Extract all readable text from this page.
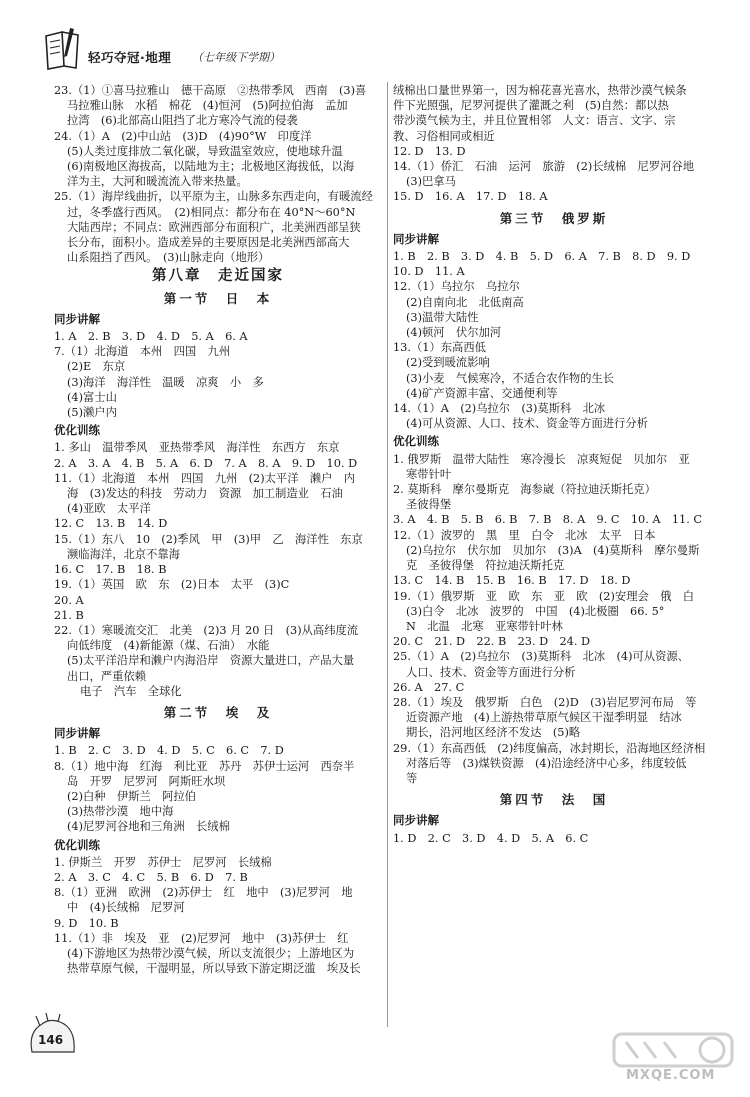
轻巧夺冠·地理 （七年级下学期）
23.（1）①喜马拉雅山　德干高原　②热带季风　西南　(3)喜
马拉雅山脉　水稻　棉花　(4)恒河　(5)阿拉伯海　孟加
拉湾　(6)北部高山阻挡了北方寒冷气流的侵袭
24.（1）A　(2)中山站　(3)D　(4)90°W　印度洋
(5)人类过度排放二氧化碳，导致温室效应，使地球升温
(6)南极地区海拔高，以陆地为主；北极地区海拔低，以海
洋为主，大河和暖流流入带来热量。
25.（1）海岸线曲折，以平原为主，山脉多东西走向，有暖流经
过，冬季盛行西风。　(2)相同点：都分布在 40°N～60°N
大陆西岸；不同点：欧洲西部分布面积广，北美洲西部呈狭
长分布，面积小。造成差异的主要原因是北美洲西部高大
山系阻挡了西风。　(3)山脉走向（地形）
第八章　走近国家
第一节　日　本
同步讲解
1. A　2. B　3. D　4. D　5. A　6. A
7.（1）北海道　本州　四国　九州
(2)E　东京
(3)海洋　海洋性　温暖　凉爽　小　多
(4)富士山
(5)濑户内
优化训练
1. 多山　温带季风　亚热带季风　海洋性　东西方　东京
2. A　3. A　4. B　5. A　6. D　7. A　8. A　9. D　10. D
11.（1）北海道　本州　四国　九州　(2)太平洋　濑户　内
海　(3)发达的科技　劳动力　资源　加工制造业　石油
(4)亚欧　太平洋
12. C　13. B　14. D
15.（1）东八　10　(2)季风　甲　(3)甲　乙　海洋性　东京
濒临海洋，北京不靠海
16. C　17. B　18. B
19.（1）英国　欧　东　(2)日本　太平　(3)C
20. A
21. B
22.（1）寒暖流交汇　北美　(2)3 月 20 日　(3)从高纬度流
向低纬度　(4)新能源（煤、石油）　水能
(5)太平洋沿岸和濑户内海沿岸　资源大量进口，产品大量
出口，严重依赖
电子　汽车　全球化
第二节　埃　及
同步讲解
1. B　2. C　3. D　4. D　5. C　6. C　7. D
8.（1）地中海　红海　利比亚　苏丹　苏伊士运河　西奈半
岛　开罗　尼罗河　阿斯旺水坝
(2)白种　伊斯兰　阿拉伯
(3)热带沙漠　地中海
(4)尼罗河谷地和三角洲　长绒棉
优化训练
1. 伊斯兰　开罗　苏伊士　尼罗河　长绒棉
2. A　3. C　4. C　5. B　6. D　7. B
8.（1）亚洲　欧洲　(2)苏伊士　红　地中　(3)尼罗河　地
中　(4)长绒棉　尼罗河
9. D　10. B
11.（1）非　埃及　亚　(2)尼罗河　地中　(3)苏伊士　红
(4)下游地区为热带沙漠气候，所以支流很少；上游地区为
热带草原气候，干湿明显，所以导致下游定期泛滥　埃及长
绒棉出口量世界第一，因为棉花喜光喜水，热带沙漠气候条
件下光照强，尼罗河提供了灌溉之利　(5)自然：都以热
带沙漠气候为主，并且位置相邻　人文：语言、文字、宗
教、习俗相同或相近
12. D　13. D
14.（1）侨汇　石油　运河　旅游　(2)长绒棉　尼罗河谷地
(3)巴拿马
15. D　16. A　17. D　18. A
第三节　俄罗斯
同步讲解
1. B　2. B　3. D　4. B　5. D　6. A　7. B　8. D　9. D
10. D　11. A
12.（1）乌拉尔　乌拉尔
(2)自南向北　北低南高
(3)温带大陆性
(4)顿河　伏尔加河
13.（1）东高西低
(2)受到暖流影响
(3)小麦　气候寒冷，不适合农作物的生长
(4)矿产资源丰富、交通便利等
14.（1）A　(2)乌拉尔　(3)莫斯科　北冰
(4)可从资源、人口、技术、资金等方面进行分析
优化训练
1. 俄罗斯　温带大陆性　寒冷漫长　凉爽短促　贝加尔　亚
寒带针叶
2. 莫斯科　摩尔曼斯克　海参崴（符拉迪沃斯托克）
圣彼得堡
3. A　4. B　5. B　6. B　7. B　8. A　9. C　10. A　11. C
12.（1）波罗的　黑　里　白令　北冰　太平　日本
(2)乌拉尔　伏尔加　贝加尔　(3)A　(4)莫斯科　摩尔曼斯
克　圣彼得堡　符拉迪沃斯托克
13. C　14. B　15. B　16. B　17. D　18. D
19.（1）俄罗斯　亚　欧　东　亚　欧　(2)安理会　俄　白
(3)白令　北冰　波罗的　中国　(4)北极圈　66. 5°
N　北温　北寒　亚寒带针叶林
20. C　21. D　22. B　23. D　24. D
25.（1）A　(2)乌拉尔　(3)莫斯科　北冰　(4)可从资源、
人口、技术、资金等方面进行分析
26. A　27. C
28.（1）埃及　俄罗斯　白色　(2)D　(3)岩尼罗河布局　等
近资源产地　(4)上游热带草原气候区干湿季明显　结冰
期长，沿河地区经济不发达　(5)略
29.（1）东高西低　(2)纬度偏高，冰封期长，沿海地区经济相
对落后等　(3)煤铁资源　(4)沿途经济中心多，纬度较低
等
第四节　法　国
同步讲解
1. D　2. C　3. D　4. D　5. A　6. C
146
MXQE.COM
